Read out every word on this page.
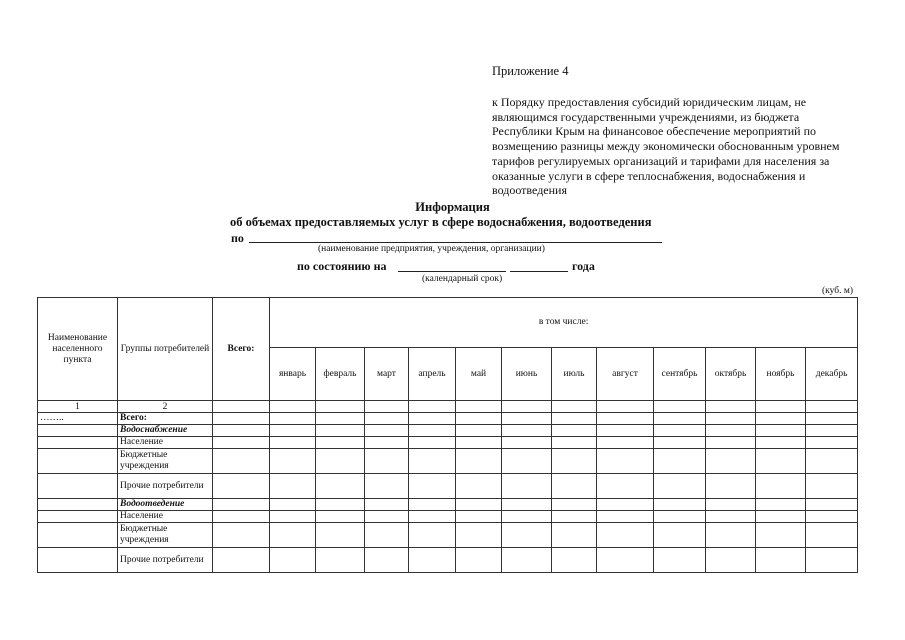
Приложение 4
к Порядку предоставления субсидий юридическим лицам, не являющимся государственными учреждениями, из бюджета Республики Крым на финансовое обеспечение мероприятий по возмещению разницы между экономически обоснованным уровнем тарифов регулируемых организаций и тарифами для населения за оказанные услуги в сфере теплоснабжения, водоснабжения и водоотведения
Информация
об объемах предоставляемых услуг в сфере водоснабжения, водоотведения
по
(наименование предприятия, учреждения, организации)
по состоянию на	года
(календарный срок)
(куб. м)
Наименование населенного пункта	Группы потребителей	Всего:	в том числе:											
			январь	февраль	март	апрель	май	июнь	июль	август	сентябрь	октябрь	ноябрь	декабрь
1	2													
……..	Всего:													
	Водоснабжение													
	Население													
	Бюджетные учреждения													
	Прочие потребители													
	Водоотведение													
	Население													
	Бюджетные учреждения													
	Прочие потребители													
